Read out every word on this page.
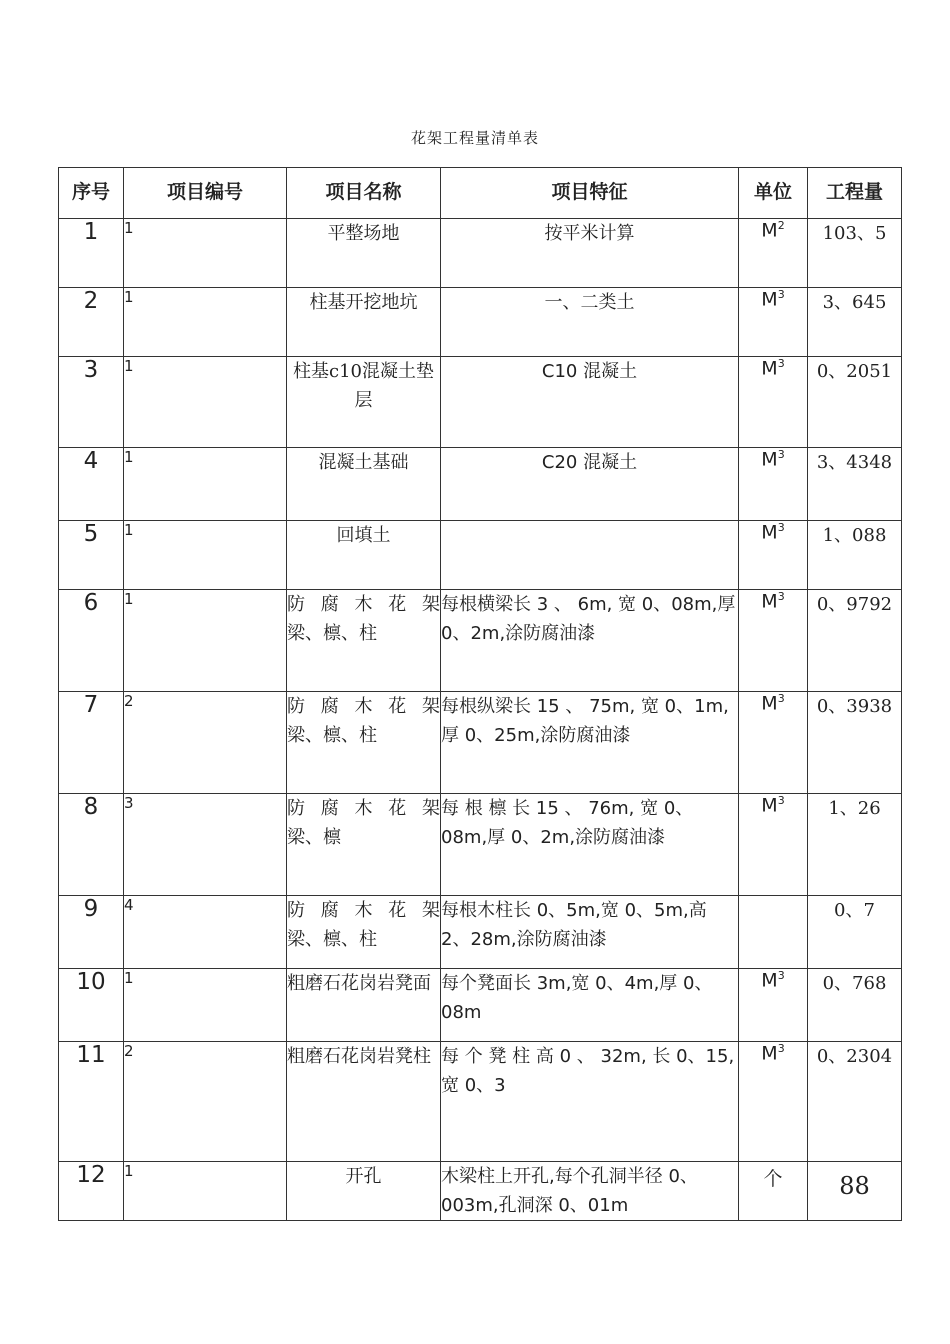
花架工程量清单表
序号	项目编号	项目名称	项目特征	单位	工程量
1	1	平整场地	按平米计算	$M^2$	103、5
2	1	柱基开挖地坑	一、二类土	$M^3$	3、645
3	1	柱基c10混凝土垫层	C10 混凝土	$M^3$	0、2051
4	1	混凝土基础	C20 混凝土	$M^3$	3、4348
5	1	回填土		$M^3$	1、088
6	1	防腐木花架
梁、檩、柱	每根横梁长 3 、 6m, 宽 0、08m,厚 0、2m,涂防腐油漆	$M^3$	0、9792
7	2	防腐木花架
梁、檩、柱	每根纵梁长 15 、 75m, 宽 0、1m,厚 0、25m,涂防腐油漆	$M^3$	0、3938
8	3	防腐木花架
梁、檩	每 根 檩 长 15 、 76m, 宽 0、08m,厚 0、2m,涂防腐油漆	$M^3$	1、26
9	4	防腐木花架
梁、檩、柱	每根木柱长 0、5m,宽 0、5m,高 2、28m,涂防腐油漆		0、7
10	1	粗磨石花岗岩凳面	每个凳面长 3m,宽 0、4m,厚 0、08m	$M^3$	0、768
11	2	粗磨石花岗岩凳柱	每 个 凳 柱 高 0 、 32m, 长 0、15,宽 0、3	$M^3$	0、2304
12	1	开孔	木梁柱上开孔,每个孔洞半径 0、003m,孔洞深 0、01m	个	88
